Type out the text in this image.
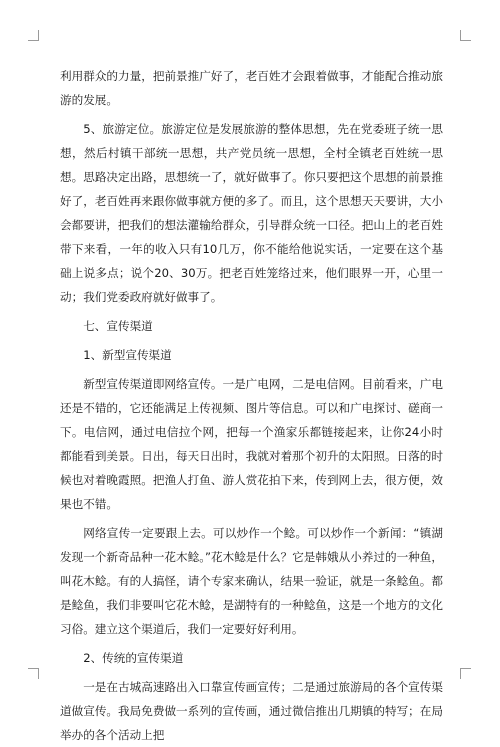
利用群众的力量，把前景推广好了，老百姓才会跟着做事，才能配合推动旅游的发展。

5、旅游定位。旅游定位是发展旅游的整体思想，先在党委班子统一思想，然后村镇干部统一思想，共产党员统一思想，全村全镇老百姓统一思想。思路决定出路，思想统一了，就好做事了。你只要把这个思想的前景推好了，老百姓再来跟你做事就方便的多了。而且，这个思想天天要讲，大小会都要讲，把我们的想法灌输给群众，引导群众统一口径。把山上的老百姓带下来看，一年的收入只有10几万，你不能给他说实话，一定要在这个基础上说多点；说个20、30万。把老百姓笼络过来，他们眼界一开，心里一动；我们党委政府就好做事了。

七、宣传渠道

1、新型宣传渠道

新型宣传渠道即网络宣传。一是广电网，二是电信网。目前看来，广电还是不错的，它还能满足上传视频、图片等信息。可以和广电探讨、磋商一下。电信网，通过电信拉个网，把每一个渔家乐都链接起来，让你24小时都能看到美景。日出，每天日出时，我就对着那个初升的太阳照。日落的时候也对着晚霞照。把渔人打鱼、游人赏花拍下来，传到网上去，很方便，效果也不错。

网络宣传一定要跟上去。可以炒作一个鲶。可以炒作一个新闻：“镇湖发现一个新奇品种一花木鲶。”花木鲶是什么？它是韩娥从小养过的一种鱼，叫花木鲶。有的人搞怪，请个专家来确认，结果一验证，就是一条鲶鱼。都是鲶鱼，我们非要叫它花木鲶，是湖特有的一种鲶鱼，这是一个地方的文化习俗。建立这个渠道后，我们一定要好好利用。

2、传统的宣传渠道

一是在古城高速路出入口靠宣传画宣传；二是通过旅游局的各个宣传渠道做宣传。我局免费做一系列的宣传画，通过微信推出几期镇的特写；在局举办的各个活动上把
